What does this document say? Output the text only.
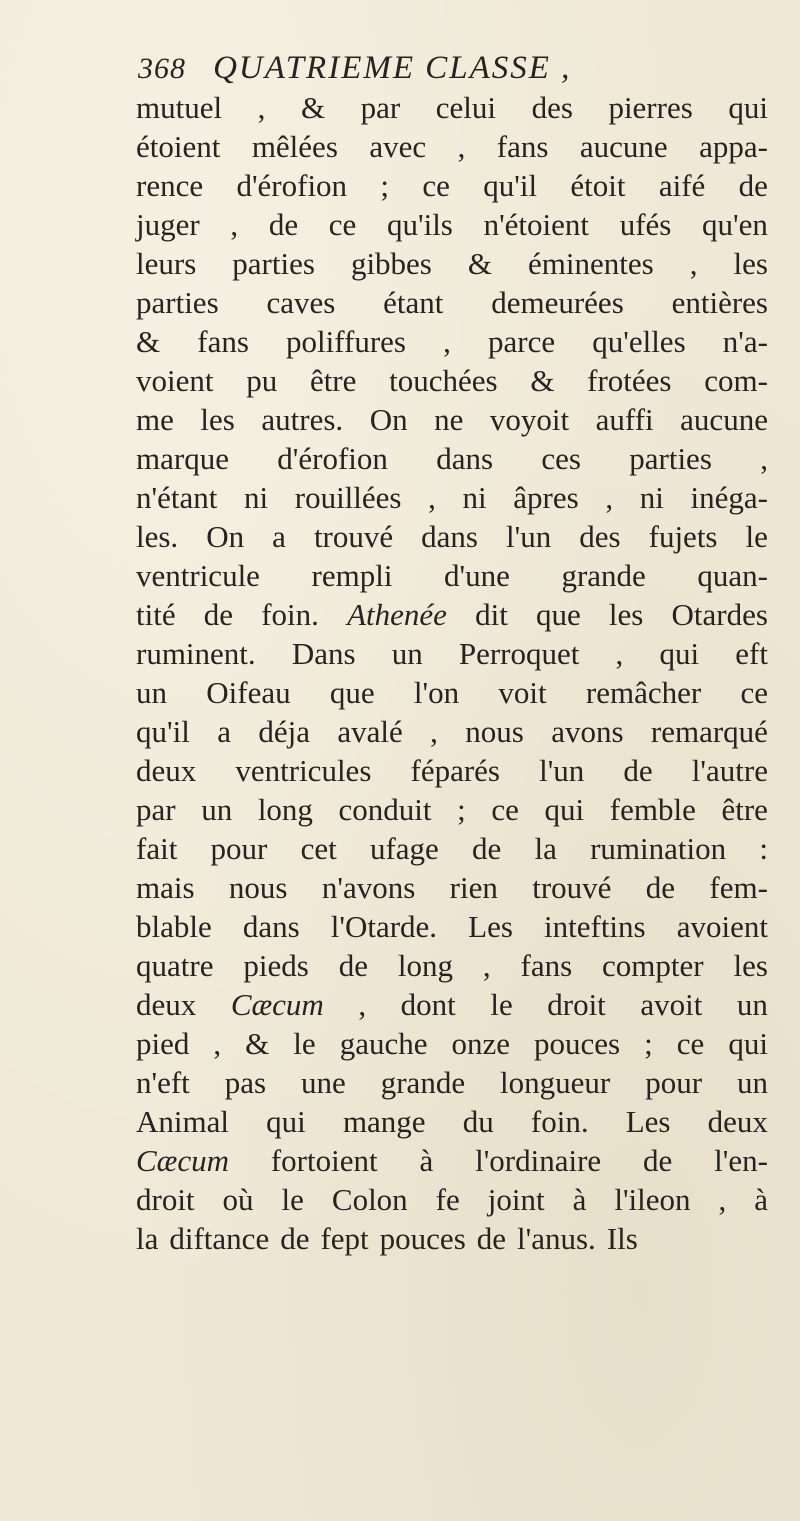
368 QUATRIEME CLASSE ,
mutuel , & par celui des pierres qui
étoient mêlées avec , fans aucune appa-
rence d'érofion ; ce qu'il étoit aifé de
juger , de ce qu'ils n'étoient ufés qu'en
leurs parties gibbes & éminentes , les
parties caves étant demeurées entières
& fans poliffures , parce qu'elles n'a-
voient pu être touchées & frotées com-
me les autres. On ne voyoit auffi aucune
marque d'érofion dans ces parties ,
n'étant ni rouillées , ni âpres , ni inéga-
les. On a trouvé dans l'un des fujets le
ventricule rempli d'une grande quan-
tité de foin. Athenée dit que les Otardes
ruminent. Dans un Perroquet , qui eft
un Oifeau que l'on voit remâcher ce
qu'il a déja avalé , nous avons remarqué
deux ventricules féparés l'un de l'autre
par un long conduit ; ce qui femble être
fait pour cet ufage de la rumination :
mais nous n'avons rien trouvé de fem-
blable dans l'Otarde. Les inteftins avoient
quatre pieds de long , fans compter les
deux Cæcum , dont le droit avoit un
pied , & le gauche onze pouces ; ce qui
n'eft pas une grande longueur pour un
Animal qui mange du foin. Les deux
Cæcum fortoient à l'ordinaire de l'en-
droit où le Colon fe joint à l'ileon , à
la diftance de fept pouces de l'anus. Ils
